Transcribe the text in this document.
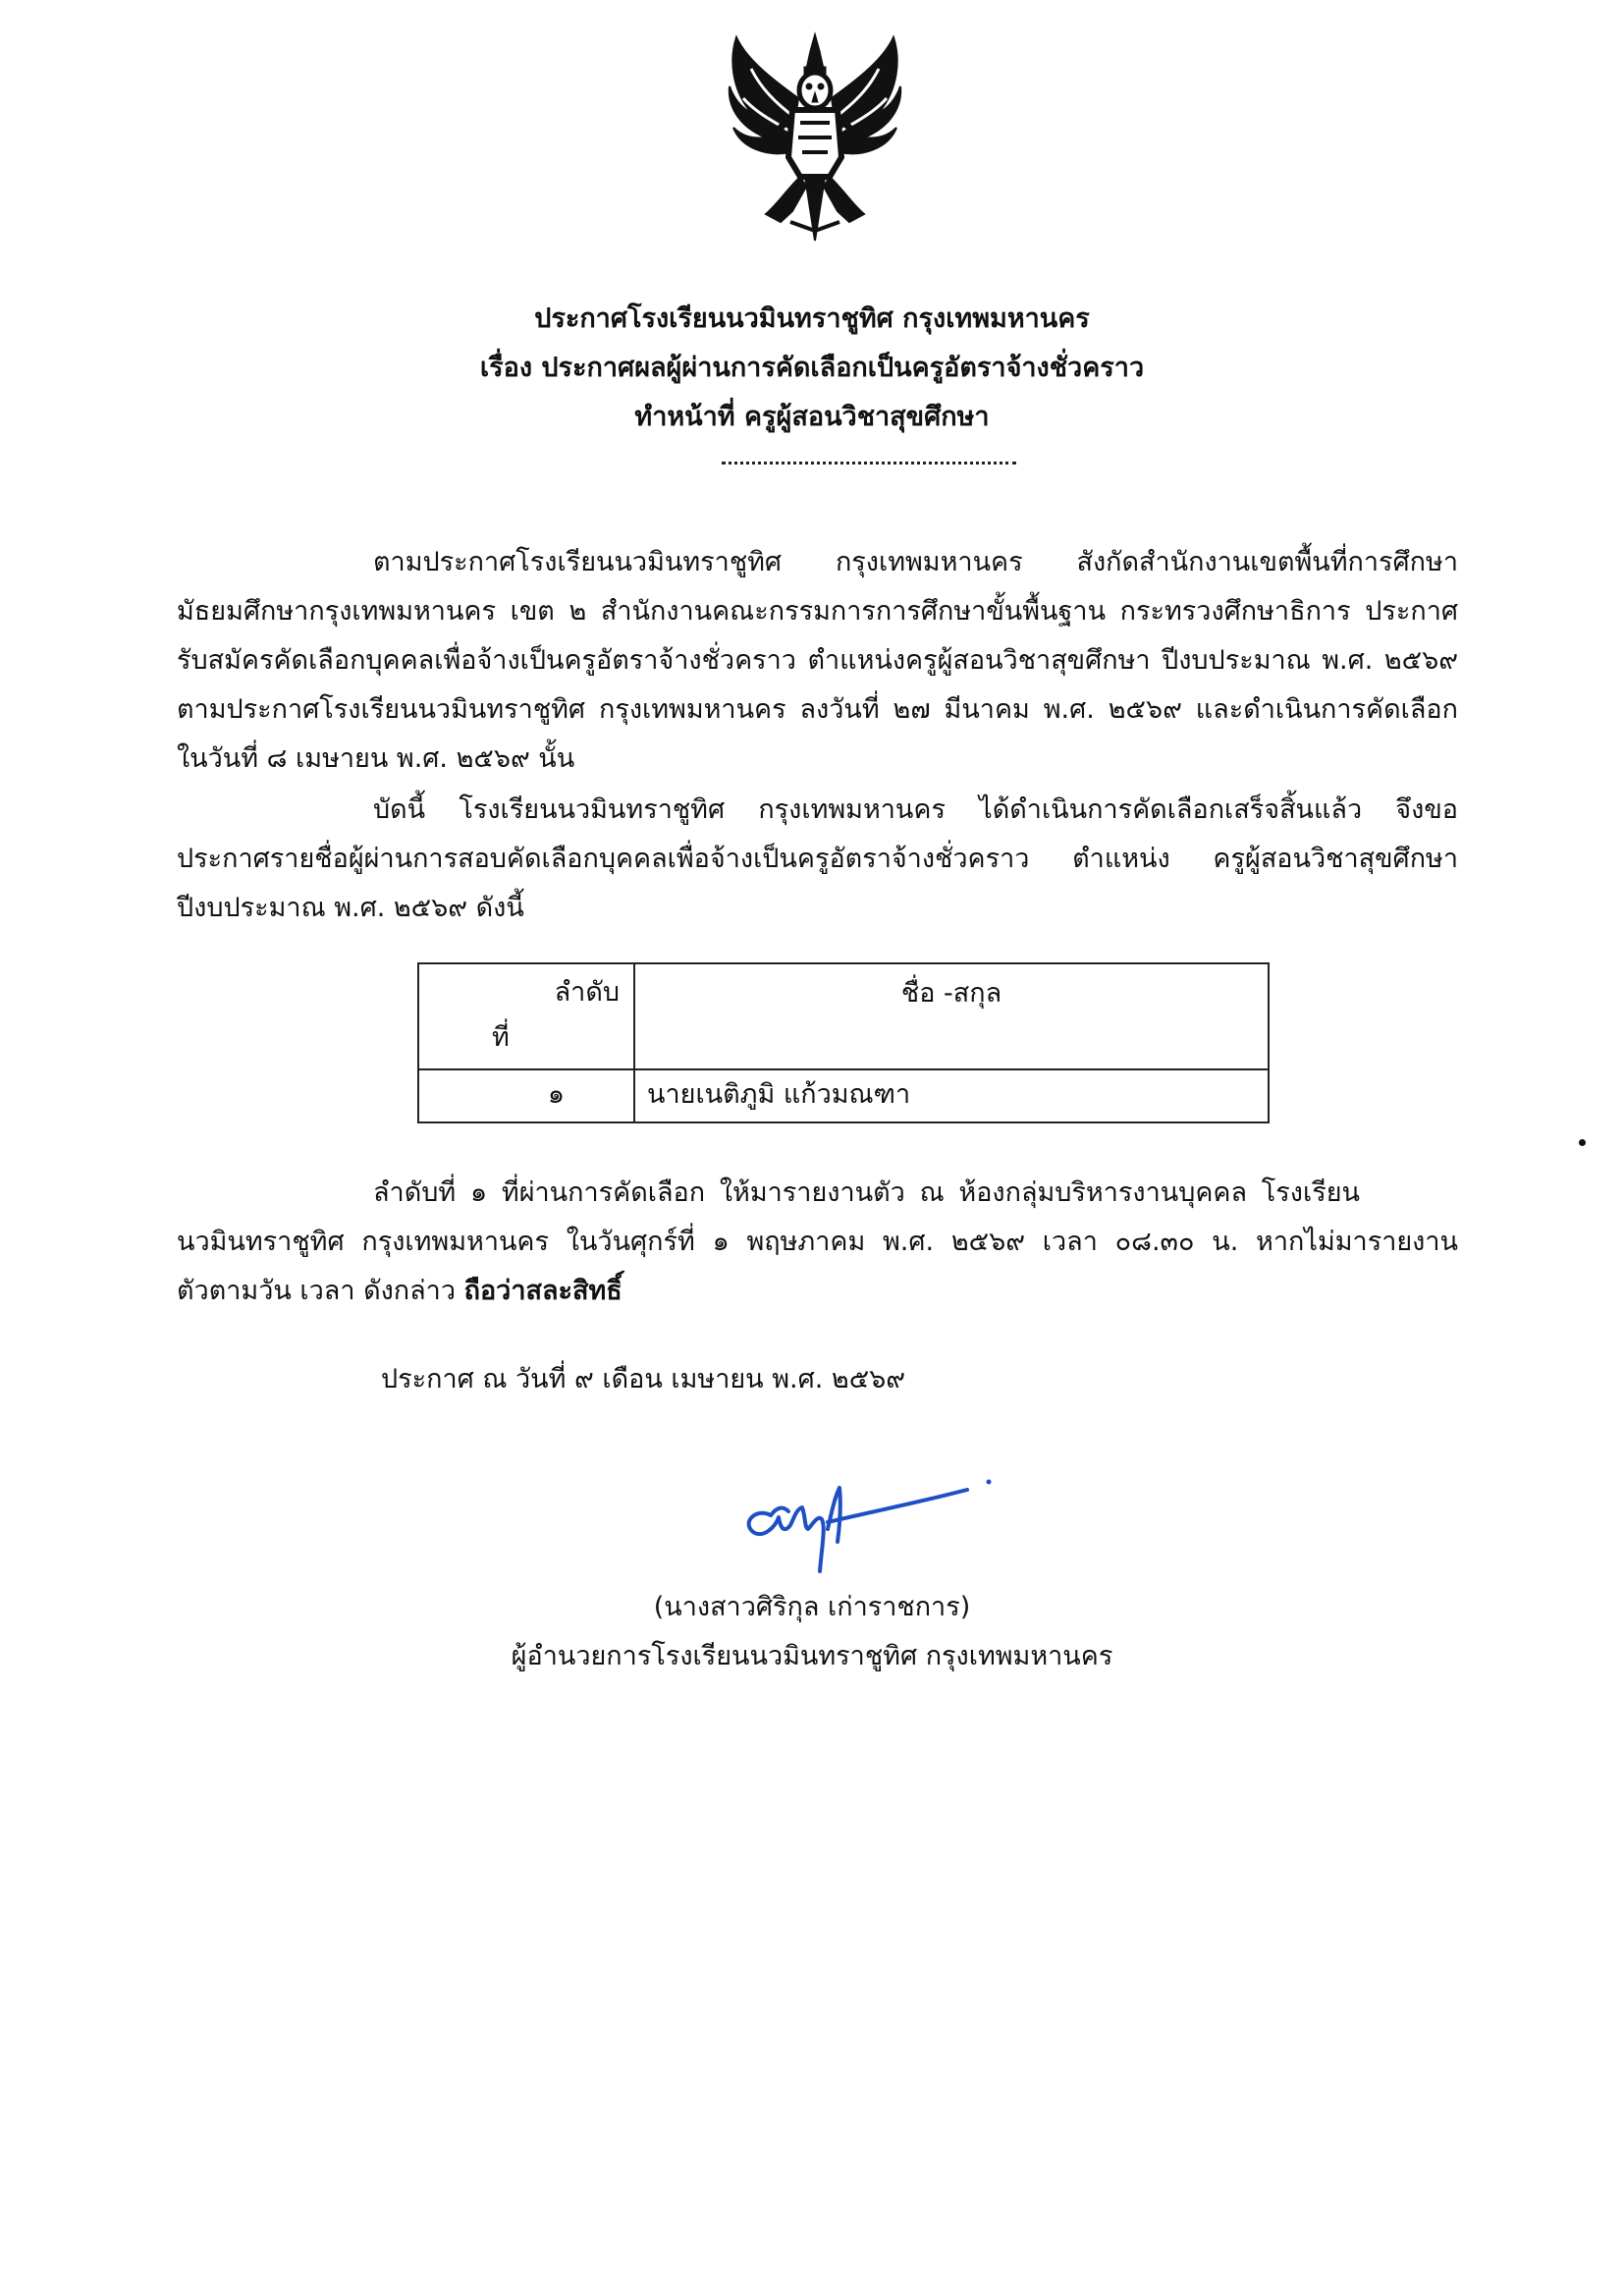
ประกาศโรงเรียนนวมินทราชูทิศ กรุงเทพมหานคร
เรื่อง ประกาศผลผู้ผ่านการคัดเลือกเป็นครูอัตราจ้างชั่วคราว
ทำหน้าที่ ครูผู้สอนวิชาสุขศึกษา
ตามประกาศโรงเรียนนวมินทราชูทิศ กรุงเทพมหานคร สังกัดสำนักงานเขตพื้นที่การศึกษา
มัธยมศึกษากรุงเทพมหานคร เขต ๒ สำนักงานคณะกรรมการการศึกษาขั้นพื้นฐาน กระทรวงศึกษาธิการ ประกาศ
รับสมัครคัดเลือกบุคคลเพื่อจ้างเป็นครูอัตราจ้างชั่วคราว ตำแหน่งครูผู้สอนวิชาสุขศึกษา ปีงบประมาณ พ.ศ. ๒๕๖๙
ตามประกาศโรงเรียนนวมินทราชูทิศ กรุงเทพมหานคร ลงวันที่ ๒๗ มีนาคม พ.ศ. ๒๕๖๙ และดำเนินการคัดเลือก
ในวันที่ ๘ เมษายน พ.ศ. ๒๕๖๙ นั้น
บัดนี้ โรงเรียนนวมินทราชูทิศ กรุงเทพมหานคร ได้ดำเนินการคัดเลือกเสร็จสิ้นแล้ว จึงขอ
ประกาศรายชื่อผู้ผ่านการสอบคัดเลือกบุคคลเพื่อจ้างเป็นครูอัตราจ้างชั่วคราว ตำแหน่ง ครูผู้สอนวิชาสุขศึกษา
ปีงบประมาณ พ.ศ. ๒๕๖๙ ดังนี้
ลำดับ
ที่	ชื่อ -สกุล
๑	นายเนติภูมิ แก้วมณฑา
ลำดับที่ ๑ ที่ผ่านการคัดเลือก ให้มารายงานตัว ณ ห้องกลุ่มบริหารงานบุคคล โรงเรียน
นวมินทราชูทิศ กรุงเทพมหานคร ในวันศุกร์ที่ ๑ พฤษภาคม พ.ศ. ๒๕๖๙ เวลา ๐๘.๓๐ น. หากไม่มารายงาน
ตัวตามวัน เวลา ดังกล่าว ถือว่าสละสิทธิ์
ประกาศ ณ วันที่ ๙ เดือน เมษายน พ.ศ. ๒๕๖๙
(นางสาวศิริกุล เก่าราชการ)
ผู้อำนวยการโรงเรียนนวมินทราชูทิศ กรุงเทพมหานคร
